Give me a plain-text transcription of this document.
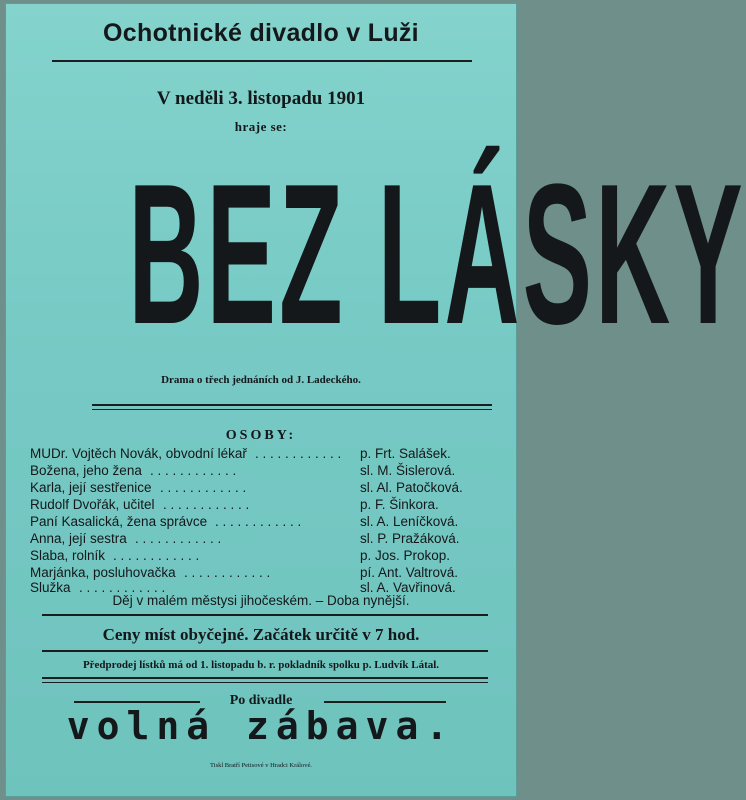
Ochotnické divadlo v Luži
V neděli 3. listopadu 1901
hraje se:
BEZ LÁSKY
Drama o třech jednáních od J. Ladeckého.
OSOBY:
MUDr. Vojtěch Novák, obvodní lékař	p. Frt. Salášek.
. . . . . . . . . . . .
Božena, jeho žena	sl. M. Šislerová.
. . . . . . . . . . . .
Karla, její sestřenice	sl. Al. Patočková.
. . . . . . . . . . . .
Rudolf Dvořák, učitel	p. F. Šinkora.
. . . . . . . . . . . .
Paní Kasalická, žena správce	sl. A. Leníčková.
. . . . . . . . . . . .
Anna, její sestra	sl. P. Pražáková.
. . . . . . . . . . . .
Slaba, rolník	p. Jos. Prokop.
. . . . . . . . . . . .
Marjánka, posluhovačka	pí. Ant. Valtrová.
. . . . . . . . . . . .
Služka	sl. A. Vavřinová.
. . . . . . . . . . . .
Děj v malém městysi jihočeském. – Doba nynější.
Ceny míst obyčejné. Začátek určitě v 7 hod.
Předprodej lístků má od 1. listopadu b. r. pokladník spolku p. Ludvík Látal.
Po divadle
volná zábava.
Tiskl Bratří Petisové v Hradci Králové.
